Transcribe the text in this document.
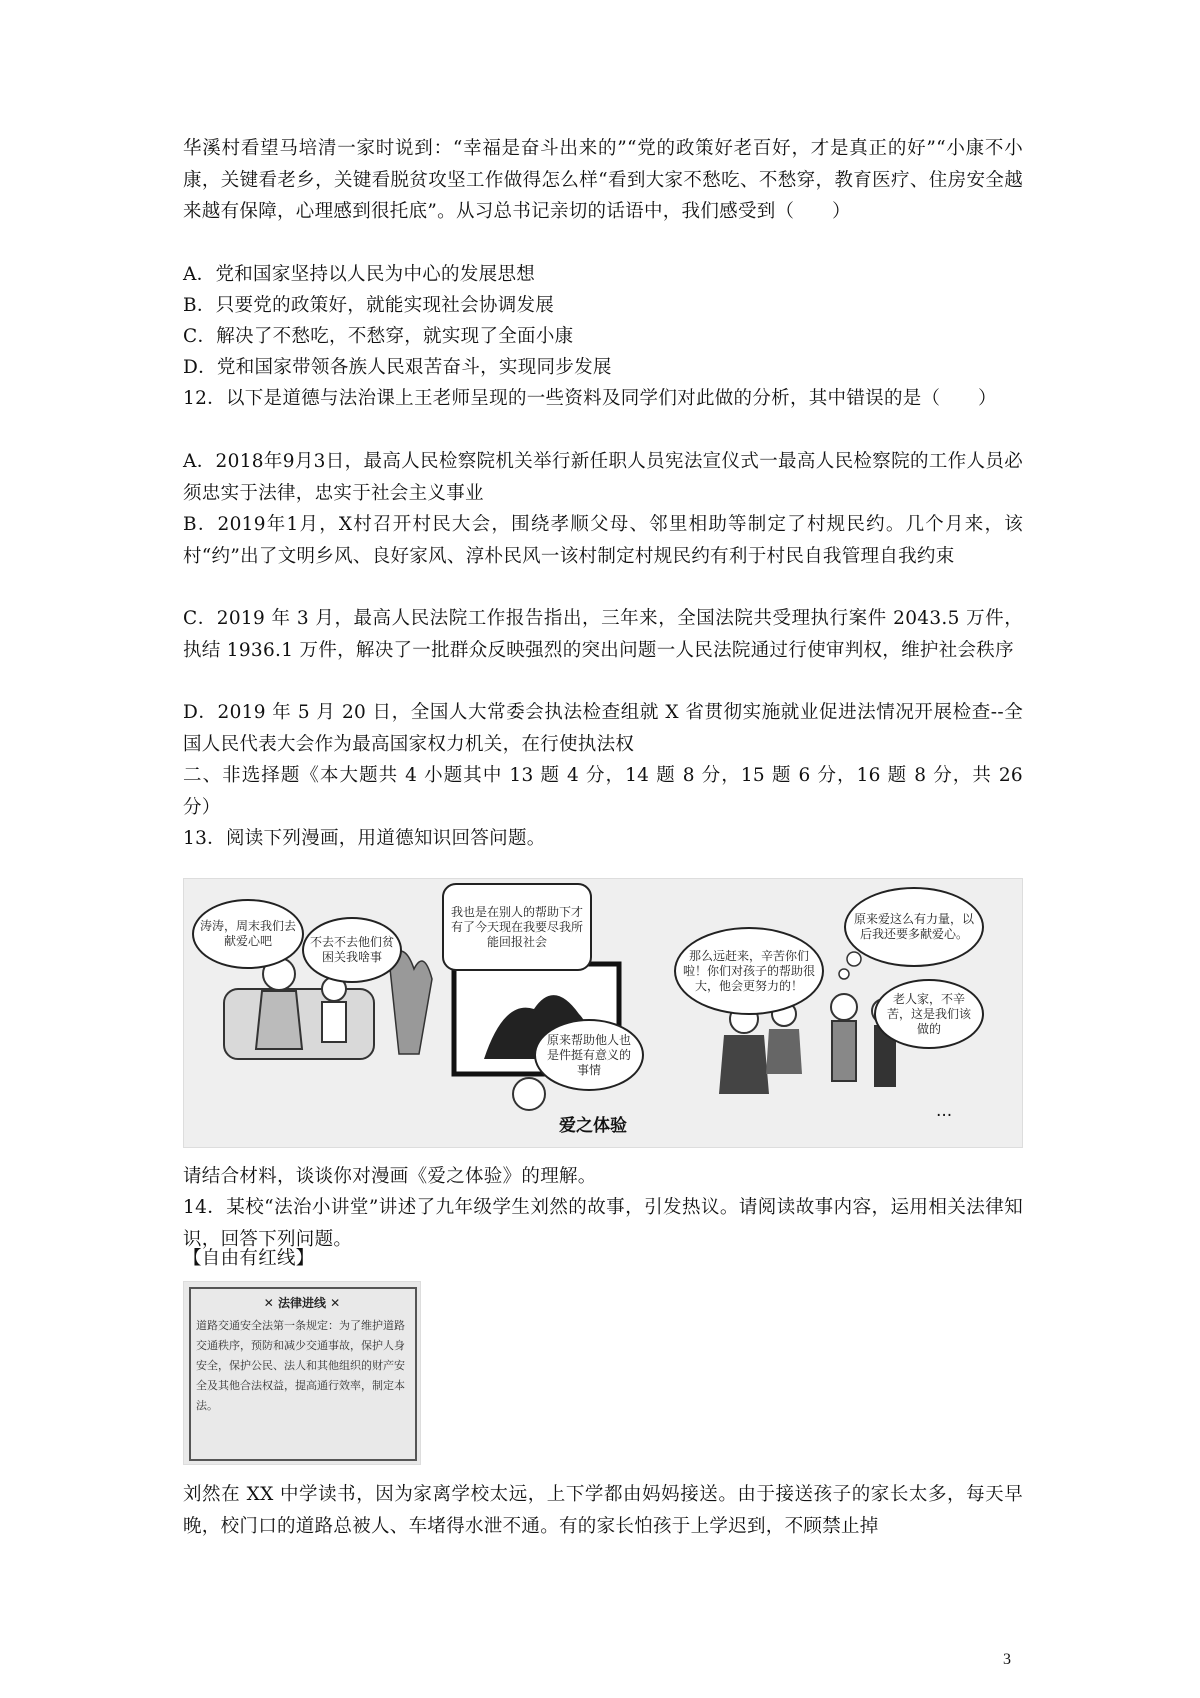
华溪村看望马培清一家时说到：“幸福是奋斗出来的”“党的政策好老百好，才是真正的好”“小康不小康，关键看老乡，关键看脱贫攻坚工作做得怎么样“看到大家不愁吃、不愁穿，教育医疗、住房安全越来越有保障，心理感到很托底”。从习总书记亲切的话语中，我们感受到（　　）

A．党和国家坚持以人民为中心的发展思想

B．只要党的政策好，就能实现社会协调发展

C．解决了不愁吃，不愁穿，就实现了全面小康

D．党和国家带领各族人民艰苦奋斗，实现同步发展

12．以下是道德与法治课上王老师呈现的一些资料及同学们对此做的分析，其中错误的是（　　）

A．2018年9月3日，最高人民检察院机关举行新任职人员宪法宣仪式一最高人民检察院的工作人员必须忠实于法律，忠实于社会主义事业

B．2019年1月，X村召开村民大会，围绕孝顺父母、邻里相助等制定了村规民约。几个月来，该村“约”出了文明乡风、良好家风、淳朴民风一该村制定村规民约有利于村民自我管理自我约束

C．2019 年 3 月，最高人民法院工作报告指出，三年来，全国法院共受理执行案件 2043.5 万件，执结 1936.1 万件，解决了一批群众反映强烈的突出问题一人民法院通过行使审判权，维护社会秩序

D．2019 年 5 月 20 日，全国人大常委会执法检查组就 X 省贯彻实施就业促进法情况开展检查--全国人民代表大会作为最高国家权力机关，在行使执法权

二、非选择题《本大题共 4 小题其中 13 题 4 分，14 题 8 分，15 题 6 分，16 题 8 分，共 26 分）

13．阅读下列漫画，用道德知识回答问题。

涛涛，周末我们去献爱心吧	不去不去他们贫困关我啥事
我也是在别人的帮助下才有了今天现在我要尽我所能回报社会
原来帮助他人也是件挺有意义的事情
那么远赶来，辛苦你们啦！你们对孩子的帮助很大，他会更努力的！
原来爱这么有力量，以后我还要多献爱心。
老人家，不辛苦，这是我们该做的
...
爱之体验

请结合材料，谈谈你对漫画《爱之体验》的理解。

14．某校“法治小讲堂”讲述了九年级学生刘然的故事，引发热议。请阅读故事内容，运用相关法律知识，回答下列问题。

【自由有红线】

✕ 法律进线 ✕
道路交通安全法第一条规定：为了维护道路交通秩序，预防和减少交通事故，保护人身安全，保护公民、法人和其他组织的财产安全及其他合法权益，提高通行效率，制定本法。

刘然在 XX 中学读书，因为家离学校太远，上下学都由妈妈接送。由于接送孩子的家长太多，每天早晚，校门口的道路总被人、车堵得水泄不通。有的家长怕孩于上学迟到，不顾禁止掉

3
